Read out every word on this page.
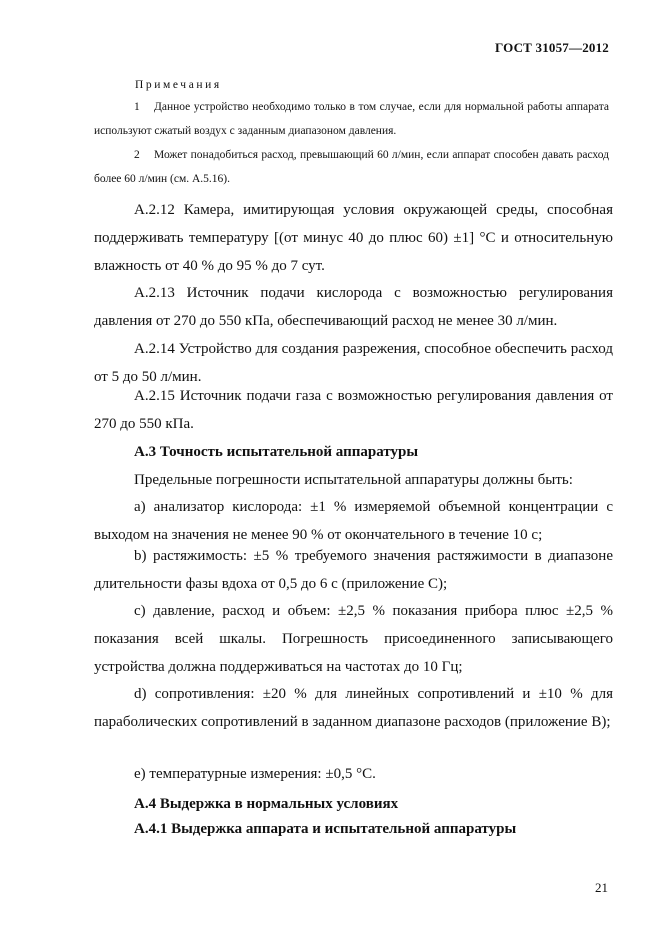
ГОСТ 31057—2012
Примечания
1 Данное устройство необходимо только в том случае, если для нормальной работы аппарата используют сжатый воздух с заданным диапазоном давления.
2 Может понадобиться расход, превышающий 60 л/мин, если аппарат способен давать расход более 60 л/мин (см. А.5.16).
А.2.12 Камера, имитирующая условия окружающей среды, способная поддерживать температуру [(от минус 40 до плюс 60) ±1] °С и относительную влажность от 40 % до 95 % до 7 сут.
А.2.13 Источник подачи кислорода с возможностью регулирования давления от 270 до 550 кПа, обеспечивающий расход не менее 30 л/мин.
А.2.14 Устройство для создания разрежения, способное обеспечить расход от 5 до 50 л/мин.
А.2.15 Источник подачи газа с возможностью регулирования давления от 270 до 550 кПа.
А.3 Точность испытательной аппаратуры
Предельные погрешности испытательной аппаратуры должны быть:
а) анализатор кислорода: ±1 % измеряемой объемной концентрации с выходом на значения не менее 90 % от окончательного в течение 10 с;
b) растяжимость: ±5 % требуемого значения растяжимости в диапазоне длительности фазы вдоха от 0,5 до 6 с (приложение С);
с) давление, расход и объем: ±2,5 % показания прибора плюс ±2,5 % показания всей шкалы. Погрешность присоединенного записывающего устройства должна поддерживаться на частотах до 10 Гц;
d) сопротивления: ±20 % для линейных сопротивлений и ±10 % для параболических сопротивлений в заданном диапазоне расходов (приложение В);
е) температурные измерения: ±0,5 °С.
А.4 Выдержка в нормальных условиях
А.4.1 Выдержка аппарата и испытательной аппаратуры
21
